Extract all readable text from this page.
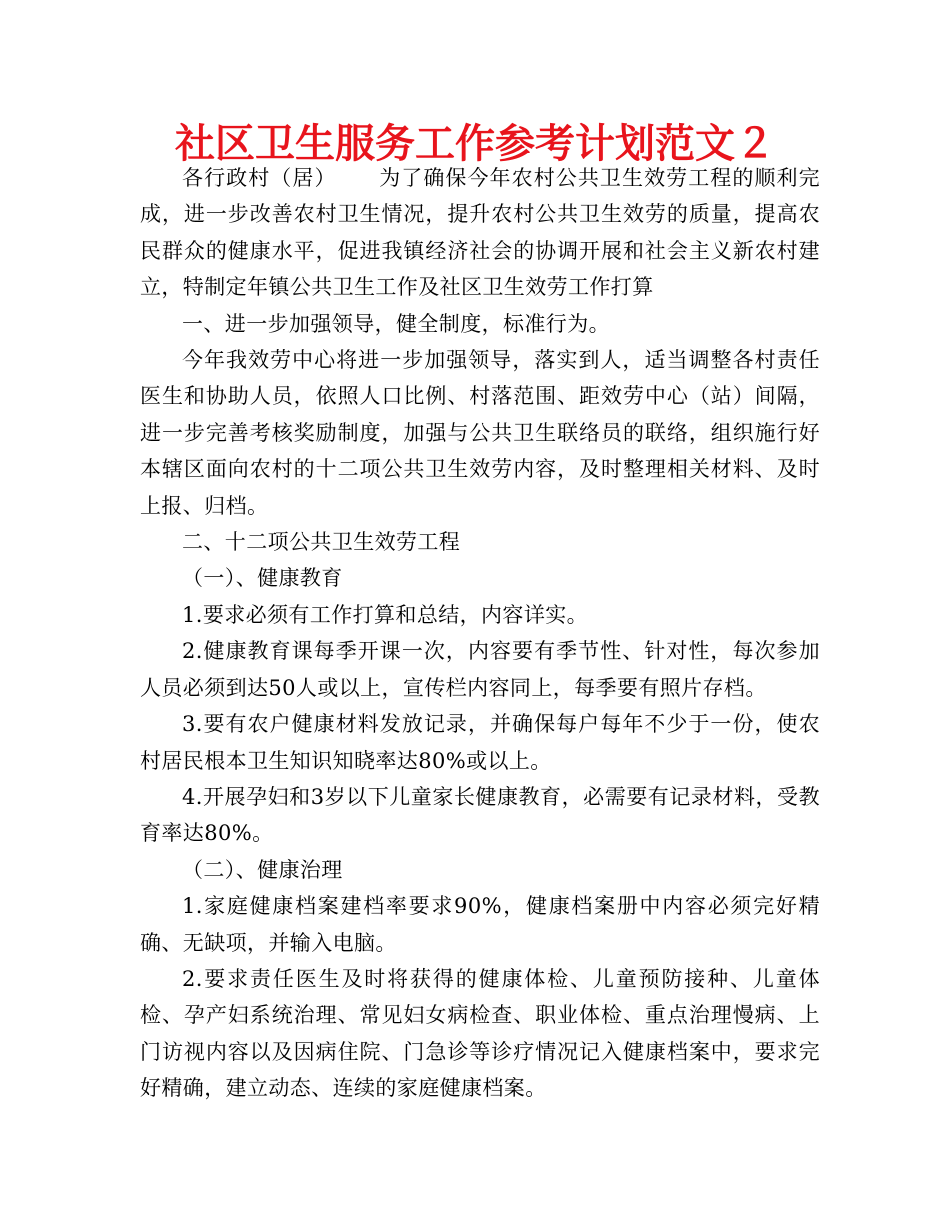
社区卫生服务工作参考计划范文２

各行政村（居） 为了确保今年农村公共卫生效劳工程的顺利完成，进一步改善农村卫生情况，提升农村公共卫生效劳的质量，提高农民群众的健康水平，促进我镇经济社会的协调开展和社会主义新农村建立，特制定年镇公共卫生工作及社区卫生效劳工作打算

一、进一步加强领导，健全制度，标准行为。

今年我效劳中心将进一步加强领导，落实到人，适当调整各村责任医生和协助人员，依照人口比例、村落范围、距效劳中心（站）间隔，进一步完善考核奖励制度，加强与公共卫生联络员的联络，组织施行好本辖区面向农村的十二项公共卫生效劳内容，及时整理相关材料、及时上报、归档。

二、十二项公共卫生效劳工程

（一）、健康教育

1.要求必须有工作打算和总结，内容详实。

2.健康教育课每季开课一次，内容要有季节性、针对性，每次参加人员必须到达50人或以上，宣传栏内容同上，每季要有照片存档。

3.要有农户健康材料发放记录，并确保每户每年不少于一份，使农村居民根本卫生知识知晓率达80%或以上。

4.开展孕妇和3岁以下儿童家长健康教育，必需要有记录材料，受教育率达80%。

（二）、健康治理

1.家庭健康档案建档率要求90%，健康档案册中内容必须完好精确、无缺项，并输入电脑。

2.要求责任医生及时将获得的健康体检、儿童预防接种、儿童体检、孕产妇系统治理、常见妇女病检查、职业体检、重点治理慢病、上门访视内容以及因病住院、门急诊等诊疗情况记入健康档案中，要求完好精确，建立动态、连续的家庭健康档案。
